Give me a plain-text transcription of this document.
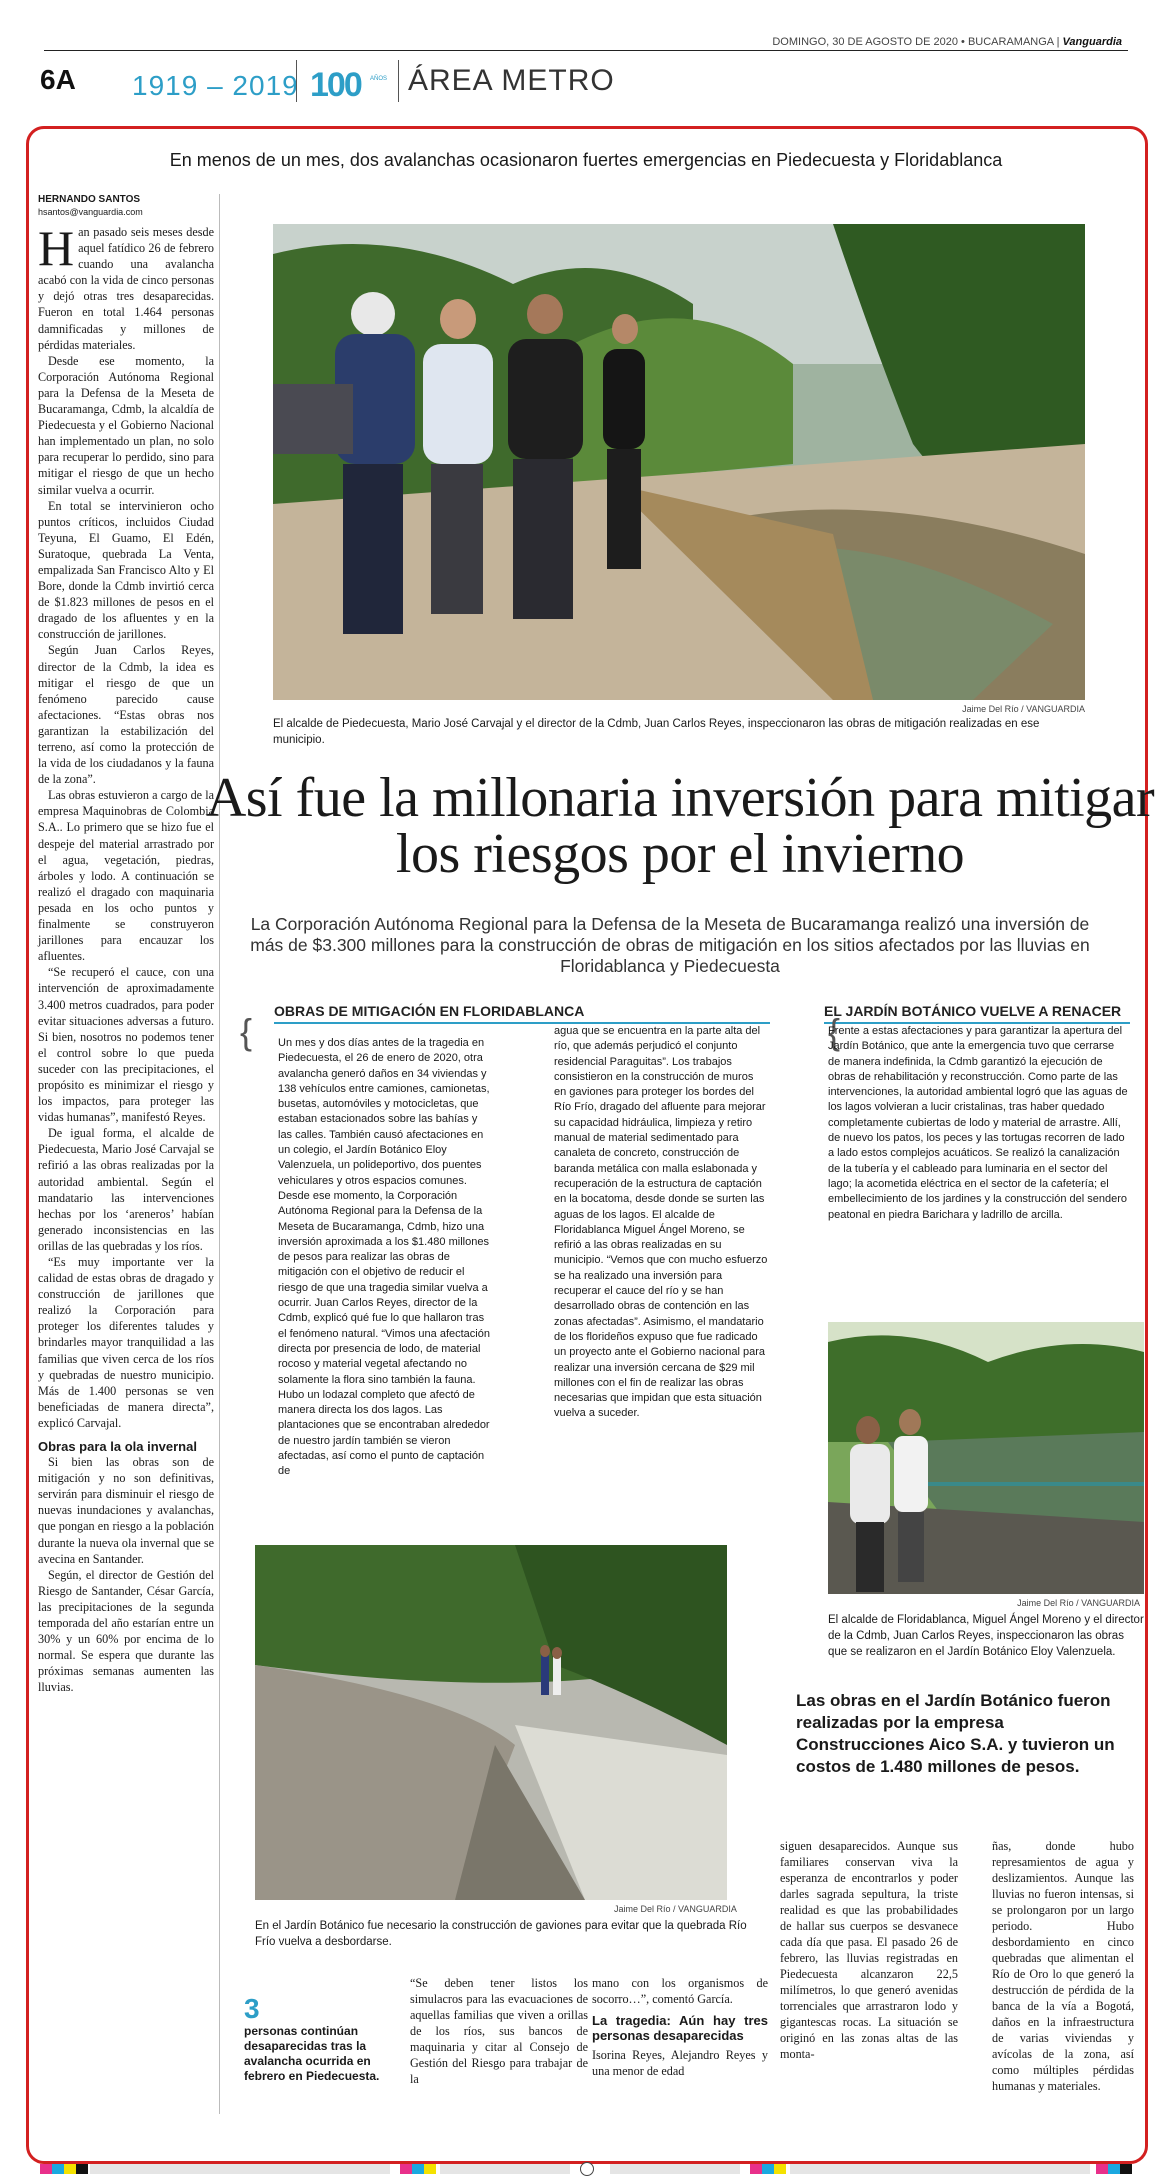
DOMINGO, 30 DE AGOSTO DE 2020 • BUCARAMANGA | Vanguardia
6A 1919 – 2019 100 AÑOS ÁREA METRO
En menos de un mes, dos avalanchas ocasionaron fuertes emergencias en Piedecuesta y Floridablanca
HERNANDO SANTOS
hsantos@vanguardia.com

Han pasado seis meses desde aquel fatídico 26 de febrero cuando una avalancha acabó con la vida de cinco personas y dejó otras tres desaparecidas. Fueron en total 1.464 personas damnificadas y millones de pérdidas materiales.

Desde ese momento, la Corporación Autónoma Regional para la Defensa de la Meseta de Bucaramanga, Cdmb, la alcaldía de Piedecuesta y el Gobierno Nacional han implementado un plan, no solo para recuperar lo perdido, sino para mitigar el riesgo de que un hecho similar vuelva a ocurrir.

En total se intervinieron ocho puntos críticos, incluidos Ciudad Teyuna, El Guamo, El Edén, Suratoque, quebrada La Venta, empalizada San Francisco Alto y El Bore, donde la Cdmb invirtió cerca de $1.823 millones de pesos en el dragado de los afluentes y en la construcción de jarillones.

Según Juan Carlos Reyes, director de la Cdmb, la idea es mitigar el riesgo de que un fenómeno parecido cause afectaciones. “Estas obras nos garantizan la estabilización del terreno, así como la protección de la vida de los ciudadanos y la fauna de la zona”.

Las obras estuvieron a cargo de la empresa Maquinobras de Colombia S.A.. Lo primero que se hizo fue el despeje del material arrastrado por el agua, vegetación, piedras, árboles y lodo. A continuación se realizó el dragado con maquinaria pesada en los ocho puntos y finalmente se construyeron jarillones para encauzar los afluentes.

“Se recuperó el cauce, con una intervención de aproximadamente 3.400 metros cuadrados, para poder evitar situaciones adversas a futuro. Si bien, nosotros no podemos tener el control sobre lo que pueda suceder con las precipitaciones, el propósito es minimizar el riesgo y los impactos, para proteger las vidas humanas”, manifestó Reyes.

De igual forma, el alcalde de Piedecuesta, Mario José Carvajal se refirió a las obras realizadas por la autoridad ambiental. Según el mandatario las intervenciones hechas por los ‘areneros’ habían generado inconsistencias en las orillas de las quebradas y los ríos.

“Es muy importante ver la calidad de estas obras de dragado y construcción de jarillones que realizó la Corporación para proteger los diferentes taludes y brindarles mayor tranquilidad a las familias que viven cerca de los ríos y quebradas de nuestro municipio. Más de 1.400 personas se ven beneficiadas de manera directa”, explicó Carvajal.

Obras para la ola invernal

Si bien las obras son de mitigación y no son definitivas, servirán para disminuir el riesgo de nuevas inundaciones y avalanchas, que pongan en riesgo a la población durante la nueva ola invernal que se avecina en Santander.

Según, el director de Gestión del Riesgo de Santander, César García, las precipitaciones de la segunda temporada del año estarían entre un 30% y un 60% por encima de lo normal. Se espera que durante las próximas semanas aumenten las lluvias.

Jaime Del Río / VANGUARDIA
El alcalde de Piedecuesta, Mario José Carvajal y el director de la Cdmb, Juan Carlos Reyes, inspeccionaron las obras de mitigación realizadas en ese municipio.
Así fue la millonaria inversión para mitigar los riesgos por el invierno
La Corporación Autónoma Regional para la Defensa de la Meseta de Bucaramanga realizó una inversión de más de $3.300 millones para la construcción de obras de mitigación en los sitios afectados por las lluvias en Floridablanca y Piedecuesta
OBRAS DE MITIGACIÓN EN FLORIDABLANCA	EL JARDÍN BOTÁNICO VUELVE A RENACER
{	{
Un mes y dos días antes de la tragedia en Piedecuesta, el 26 de enero de 2020, otra avalancha generó daños en 34 viviendas y 138 vehículos entre camiones, camionetas, busetas, automóviles y motocicletas, que estaban estacionados sobre las bahías y las calles. También causó afectaciones en un colegio, el Jardín Botánico Eloy Valenzuela, un polideportivo, dos puentes vehiculares y otros espacios comunes. Desde ese momento, la Corporación Autónoma Regional para la Defensa de la Meseta de Bucaramanga, Cdmb, hizo una inversión aproximada a los $1.480 millones de pesos para realizar las obras de mitigación con el objetivo de reducir el riesgo de que una tragedia similar vuelva a ocurrir. Juan Carlos Reyes, director de la Cdmb, explicó qué fue lo que hallaron tras el fenómeno natural. “Vimos una afectación directa por presencia de lodo, de material rocoso y material vegetal afectando no solamente la flora sino también la fauna. Hubo un lodazal completo que afectó de manera directa los dos lagos. Las plantaciones que se encontraban alrededor de nuestro jardín también se vieron afectadas, así como el punto de captación de
agua que se encuentra en la parte alta del río, que además perjudicó el conjunto residencial Paraguitas”. Los trabajos consistieron en la construcción de muros en gaviones para proteger los bordes del Río Frío, dragado del afluente para mejorar su capacidad hidráulica, limpieza y retiro manual de material sedimentado para canaleta de concreto, construcción de baranda metálica con malla eslabonada y recuperación de la estructura de captación en la bocatoma, desde donde se surten las aguas de los lagos. El alcalde de Floridablanca Miguel Ángel Moreno, se refirió a las obras realizadas en su municipio. “Vemos que con mucho esfuerzo se ha realizado una inversión para recuperar el cauce del río y se han desarrollado obras de contención en las zonas afectadas”. Asimismo, el mandatario de los florideños expuso que fue radicado un proyecto ante el Gobierno nacional para realizar una inversión cercana de $29 mil millones con el fin de realizar las obras necesarias que impidan que esta situación vuelva a suceder.
Frente a estas afectaciones y para garantizar la apertura del Jardín Botánico, que ante la emergencia tuvo que cerrarse de manera indefinida, la Cdmb garantizó la ejecución de obras de rehabilitación y reconstrucción. Como parte de las intervenciones, la autoridad ambiental logró que las aguas de los lagos volvieran a lucir cristalinas, tras haber quedado completamente cubiertas de lodo y material de arrastre. Allí, de nuevo los patos, los peces y las tortugas recorren de lado a lado estos complejos acuáticos. Se realizó la canalización de la tubería y el cableado para luminaria en el sector del lago; la acometida eléctrica en el sector de la cafetería; el embellecimiento de los jardines y la construcción del sendero peatonal en piedra Barichara y ladrillo de arcilla.
Jaime Del Río / VANGUARDIA
El alcalde de Floridablanca, Miguel Ángel Moreno y el director de la Cdmb, Juan Carlos Reyes, inspeccionaron las obras que se realizaron en el Jardín Botánico Eloy Valenzuela.
Las obras en el Jardín Botánico fueron realizadas por la empresa Construcciones Aico S.A. y tuvieron un costos de 1.480 millones de pesos.
Jaime Del Río / VANGUARDIA
En el Jardín Botánico fue necesario la construcción de gaviones para evitar que la quebrada Río Frío vuelva a desbordarse.
siguen desaparecidos. Aunque sus familiares conservan viva la esperanza de encontrarlos y poder darles sagrada sepultura, la triste realidad es que las probabilidades de hallar sus cuerpos se desvanece cada día que pasa. El pasado 26 de febrero, las lluvias registradas en Piedecuesta alcanzaron 22,5 milímetros, lo que generó avenidas torrenciales que arrastraron lodo y gigantescas rocas. La situación se originó en las zonas altas de las monta-
ñas, donde hubo represamientos de agua y deslizamientos. Aunque las lluvias no fueron intensas, si se prolongaron por un largo periodo. Hubo desbordamiento en cinco quebradas que alimentan el Río de Oro lo que generó la destrucción de pérdida de la banca de la vía a Bogotá, daños en la infraestructura de varias viviendas y avícolas de la zona, así como múltiples pérdidas humanas y materiales.
“Se deben tener listos los simulacros para las evacuaciones de aquellas familias que viven a orillas de los ríos, sus bancos de maquinaria y citar al Consejo de Gestión del Riesgo para trabajar de la
mano con los organismos de socorro…”, comentó García.
La tragedia: Aún hay tres personas desaparecidas
Isorina Reyes, Alejandro Reyes y una menor de edad
3
personas continúan desaparecidas tras la avalancha ocurrida en febrero en Piedecuesta.
